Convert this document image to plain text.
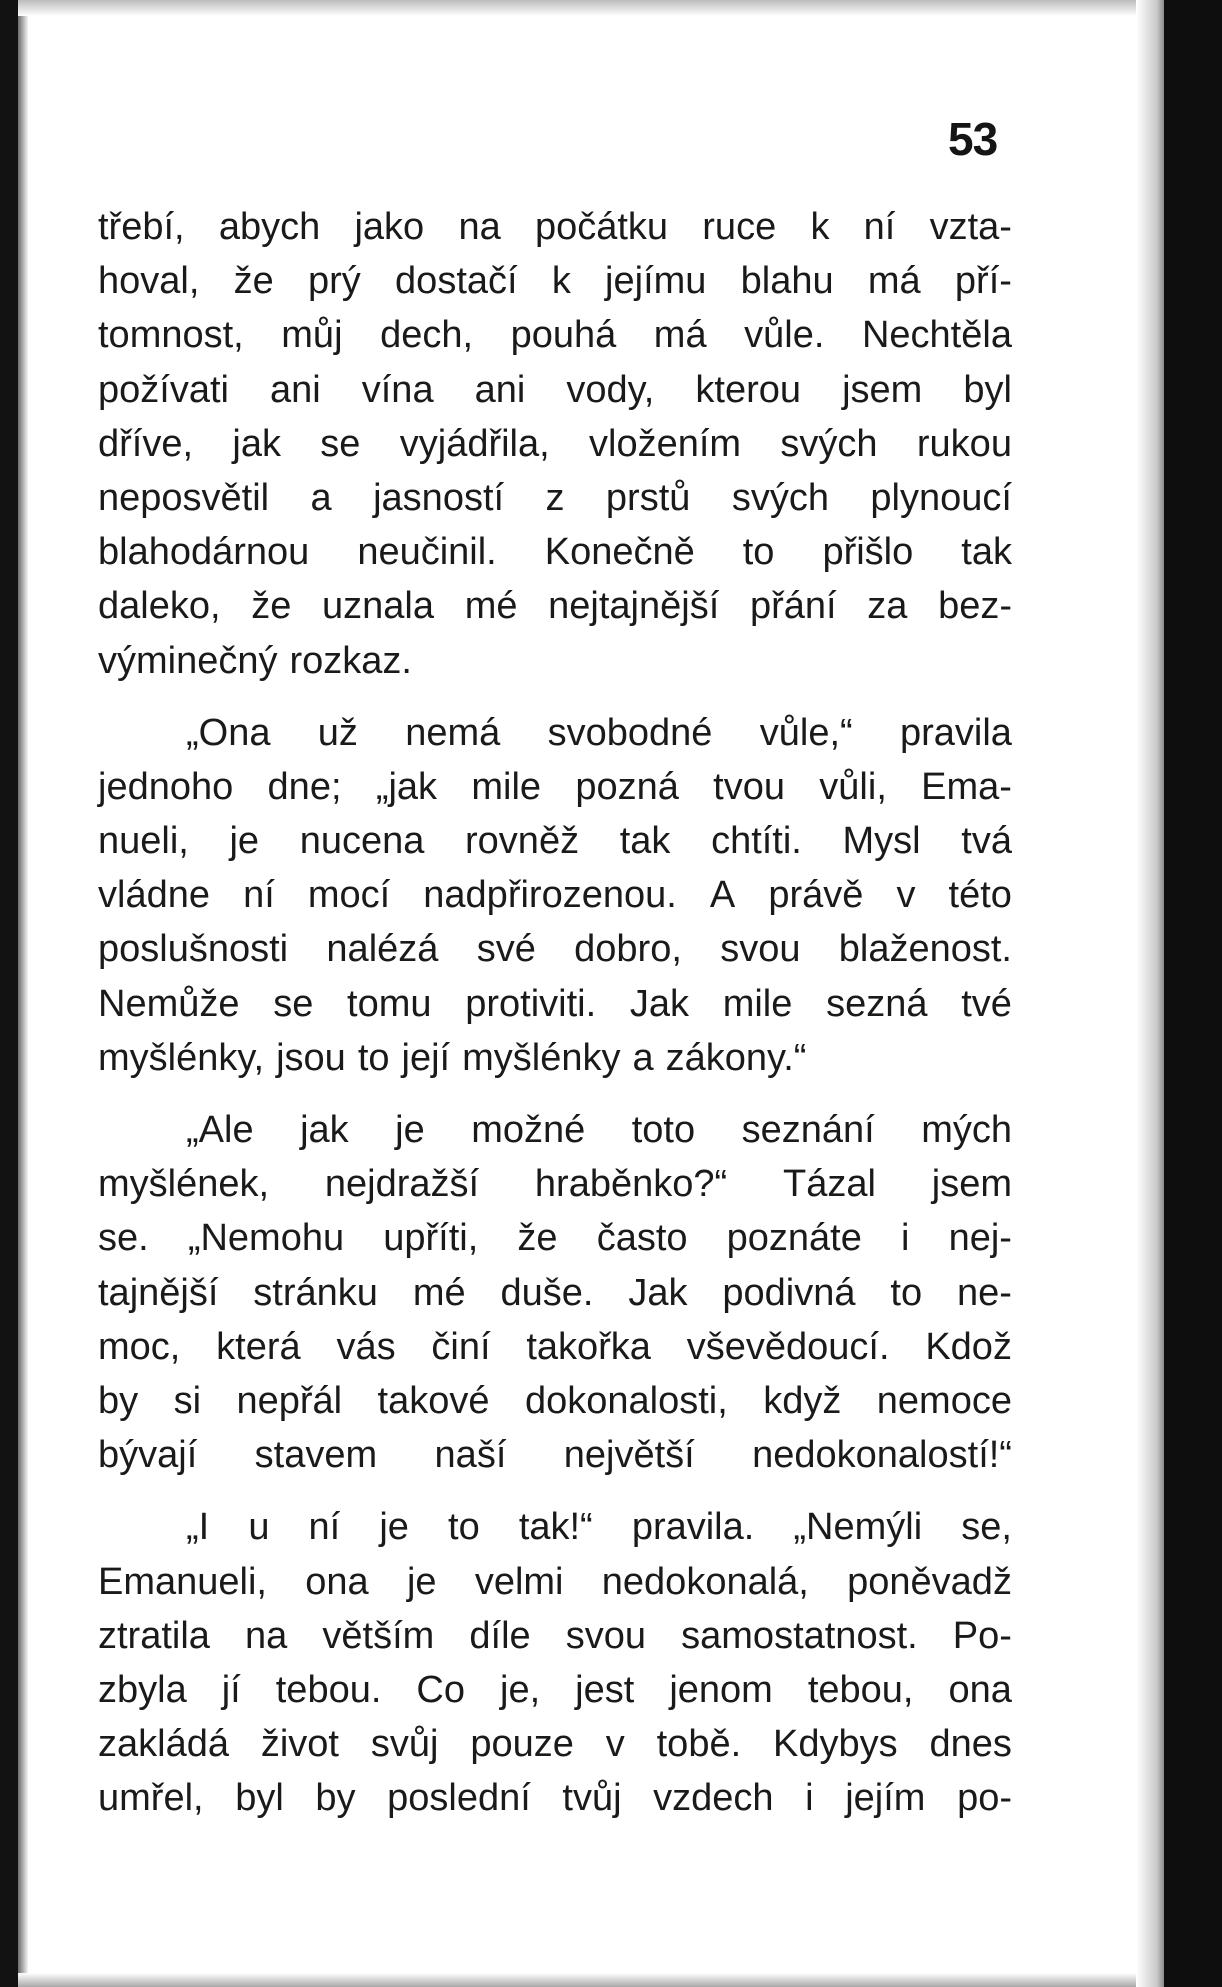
53
třebí, abych jako na počátku ruce k ní vzta-
hoval, že prý dostačí k jejímu blahu má pří-
tomnost, můj dech, pouhá má vůle. Nechtěla
požívati ani vína ani vody, kterou jsem byl
dříve, jak se vyjádřila, vložením svých rukou
neposvětil a jasností z prstů svých plynoucí
blahodárnou neučinil. Konečně to přišlo tak
daleko, že uznala mé nejtajnější přání za bez-
výminečný rozkaz.
„Ona už nemá svobodné vůle,“ pravila
jednoho dne; „jak mile pozná tvou vůli, Ema-
nueli, je nucena rovněž tak chtíti. Mysl tvá
vládne ní mocí nadpřirozenou. A právě v této
poslušnosti nalézá své dobro, svou blaženost.
Nemůže se tomu protiviti. Jak mile sezná tvé
myšlénky, jsou to její myšlénky a zákony.“
„Ale jak je možné toto seznání mých
myšlének, nejdražší hraběnko?“ Tázal jsem
se. „Nemohu upříti, že často poznáte i nej-
tajnější stránku mé duše. Jak podivná to ne-
moc, která vás činí takořka vševědoucí. Kdož
by si nepřál takové dokonalosti, když nemoce
bývají stavem naší největší nedokonalostí!“
„I u ní je to tak!“ pravila. „Nemýli se,
Emanueli, ona je velmi nedokonalá, poněvadž
ztratila na větším díle svou samostatnost. Po-
zbyla jí tebou. Co je, jest jenom tebou, ona
zakládá život svůj pouze v tobě. Kdybys dnes
umřel, byl by poslední tvůj vzdech i jejím po-
